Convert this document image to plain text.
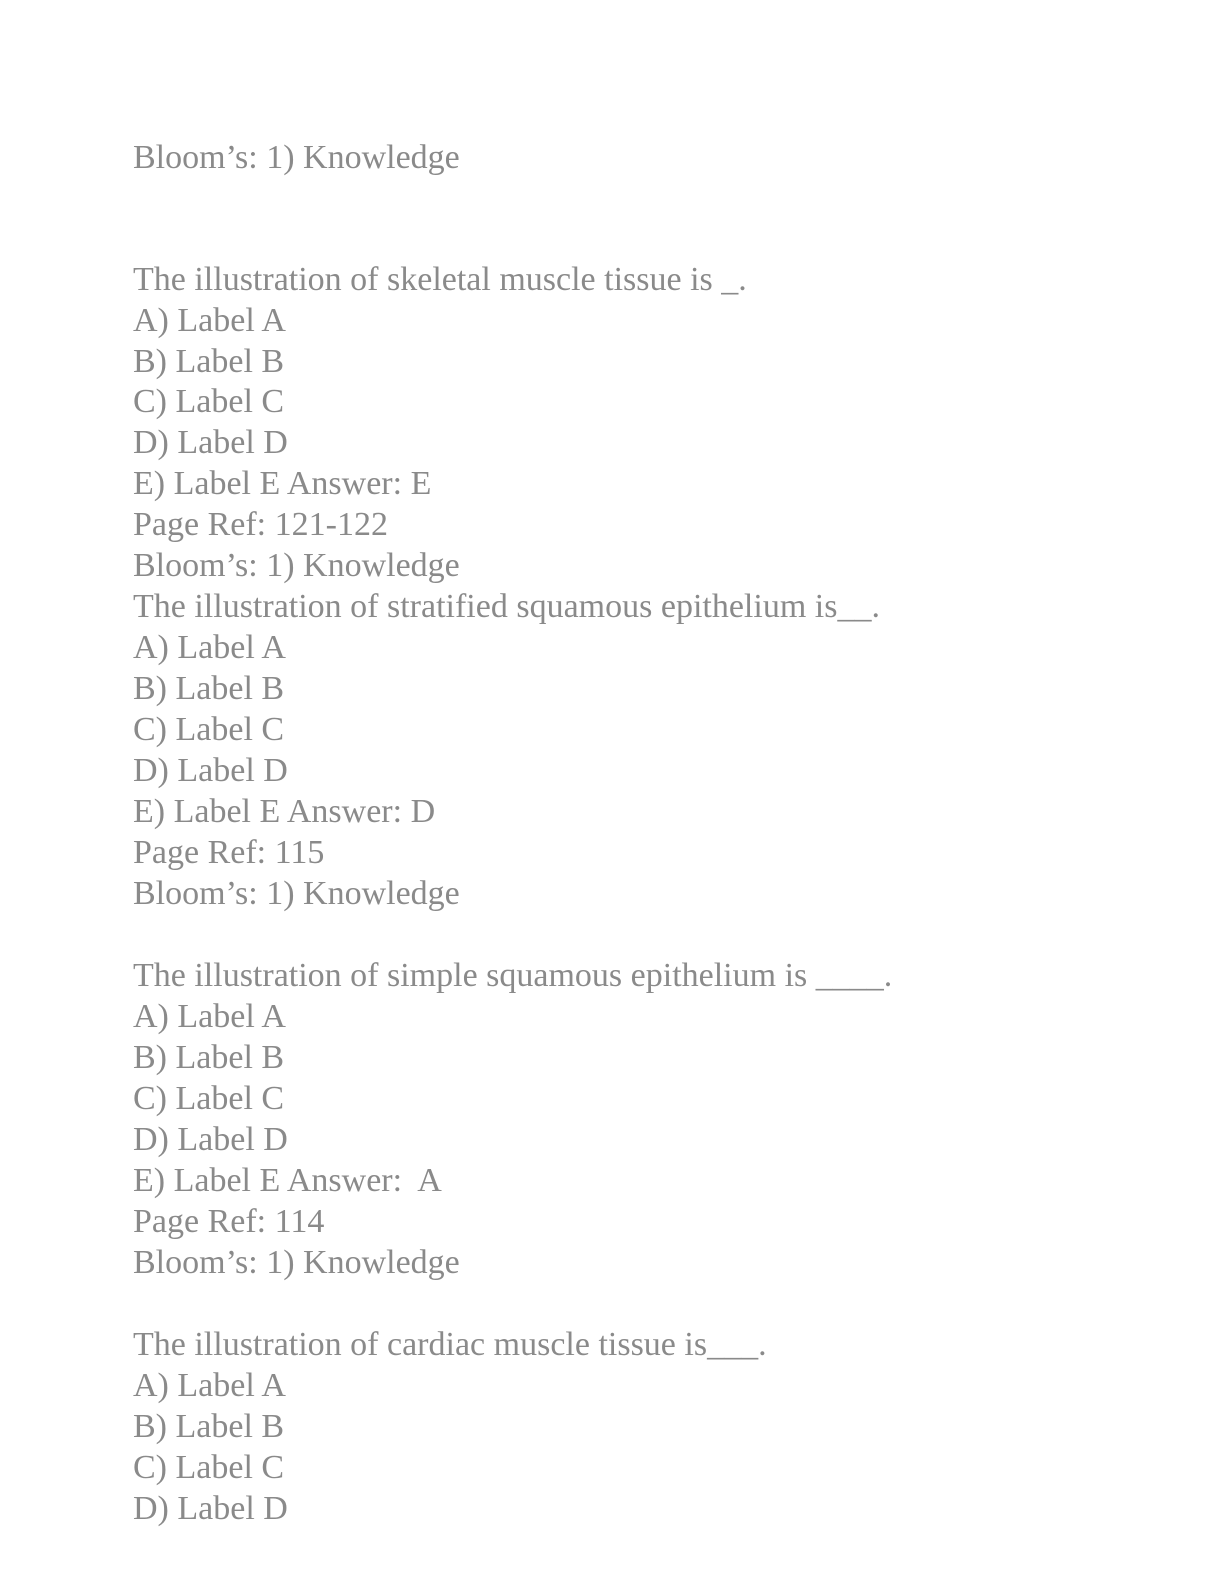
Bloom’s: 1) Knowledge

The illustration of skeletal muscle tissue is _.

A) Label A

B) Label B

C) Label C

D) Label D

E) Label E Answer: E

Page Ref: 121-122

Bloom’s: 1) Knowledge

The illustration of stratified squamous epithelium is__.

A) Label A

B) Label B

C) Label C

D) Label D

E) Label E Answer: D

Page Ref: 115

Bloom’s: 1) Knowledge

The illustration of simple squamous epithelium is ____.

A) Label A

B) Label B

C) Label C

D) Label D

E) Label E Answer:  A

Page Ref: 114

Bloom’s: 1) Knowledge

The illustration of cardiac muscle tissue is___.

A) Label A

B) Label B

C) Label C

D) Label D
